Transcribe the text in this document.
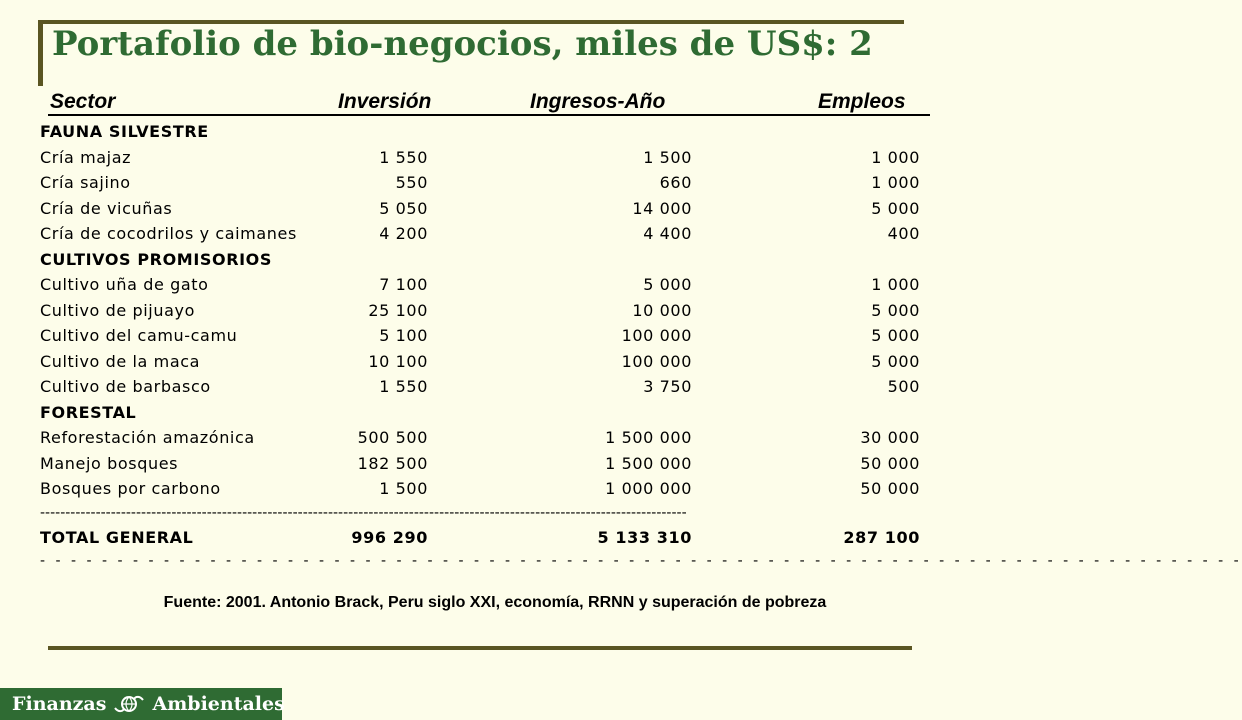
Portafolio de bio-negocios, miles de US$: 2
Sector	Inversión	Ingresos-Año	Empleos
FAUNA SILVESTRE
Cría majaz	1 550	1 500	1 000
Cría sajino	550	660	1 000
Cría de vicuñas	5 050	14 000	5 000
Cría de cocodrilos y caimanes	4 200	4 400	400
CULTIVOS PROMISORIOS
Cultivo uña de gato	7 100	5 000	1 000
Cultivo de pijuayo	25 100	10 000	5 000
Cultivo del camu-camu	5 100	100 000	5 000
Cultivo de la maca	10 100	100 000	5 000
Cultivo de barbasco	1 550	3 750	500
FORESTAL
Reforestación amazónica	500 500	1 500 000	30 000
Manejo bosques	182 500	1 500 000	50 000
Bosques por carbono	1 500	1 000 000	50 000
TOTAL GENERAL	996 290	5 133 310	287 100
--------------------------------------------------------------------------------------------------------------------------------
- - - - - - - - - - - - - - - - - - - - - - - - - - - - - - - - - - - - - - - - - - - - - - - - - - - - - - - - - - - - - - - - - - - - - - - - - - - - - -
Fuente: 2001. Antonio Brack, Peru siglo XXI, economía, RRNN y superación de pobreza
Finanzas Ambientales
